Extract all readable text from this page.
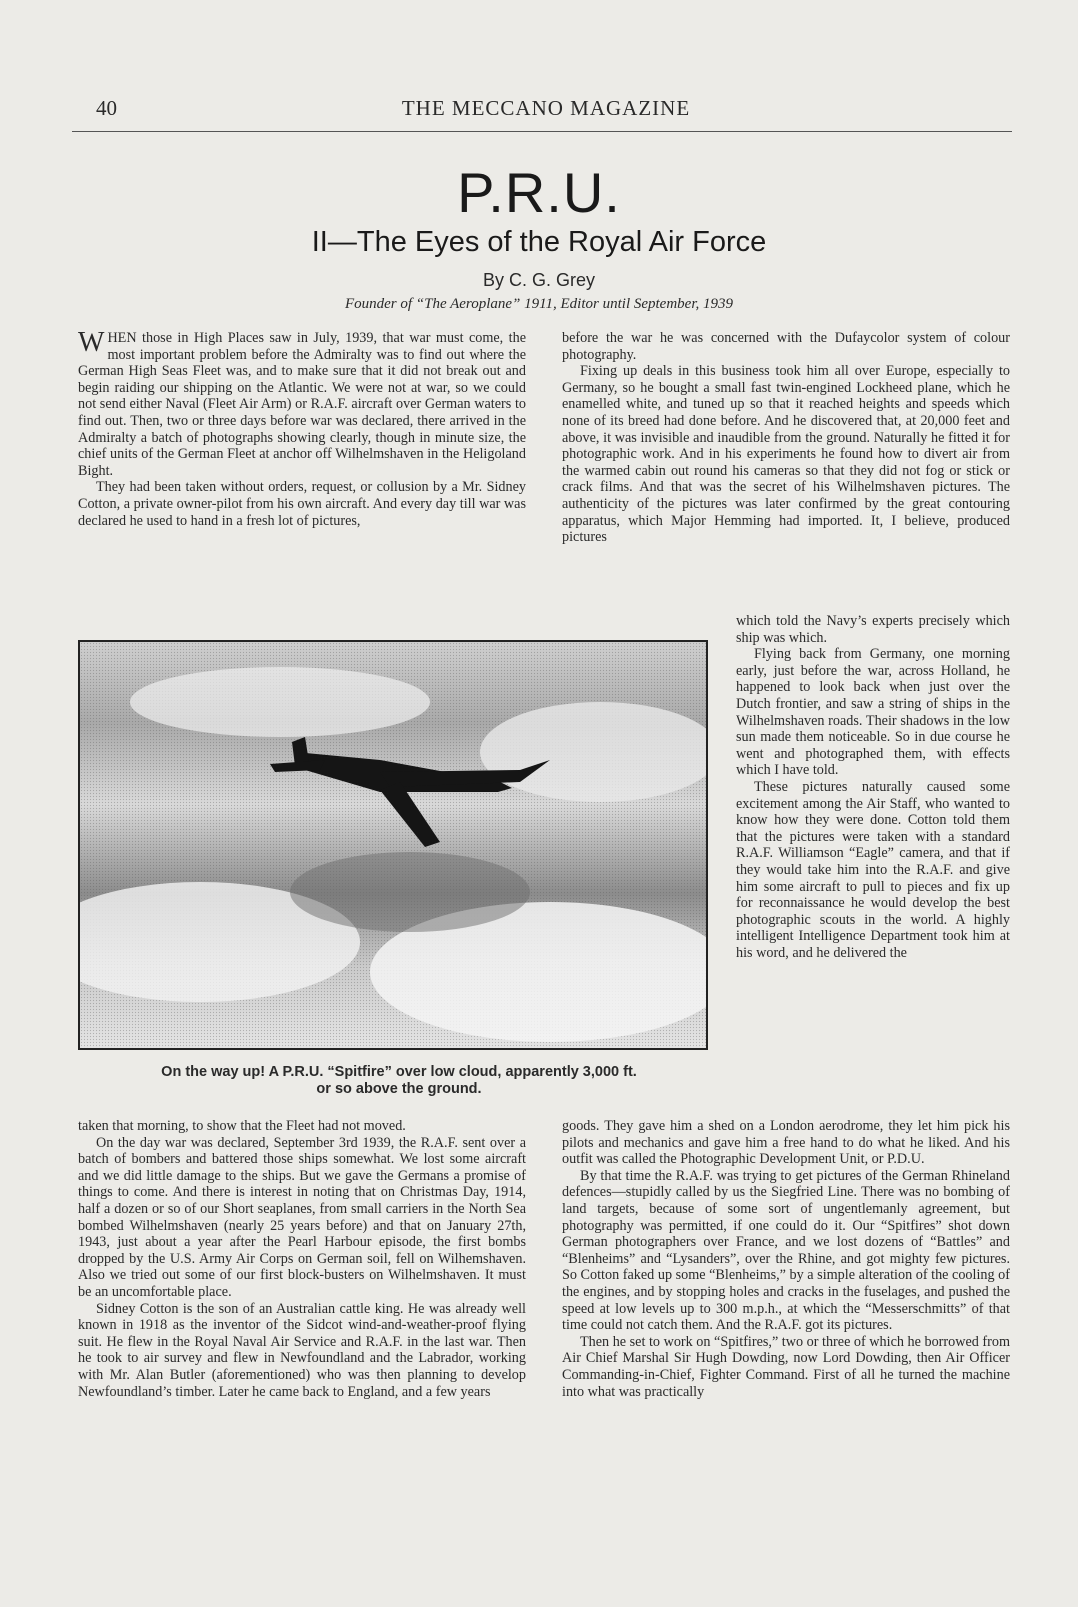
40	THE MECCANO MAGAZINE
P.R.U.
II—The Eyes of the Royal Air Force
By C. G. Grey
Founder of “The Aeroplane” 1911, Editor until September, 1939

WHEN those in High Places saw in July, 1939, that war must come, the most important problem before the Admiralty was to find out where the German High Seas Fleet was, and to make sure that it did not break out and begin raiding our shipping on the Atlantic. We were not at war, so we could not send either Naval (Fleet Air Arm) or R.A.F. aircraft over German waters to find out. Then, two or three days before war was declared, there arrived in the Admiralty a batch of photographs showing clearly, though in minute size, the chief units of the German Fleet at anchor off Wilhelmshaven in the Heligoland Bight.

They had been taken without orders, request, or collusion by a Mr. Sidney Cotton, a private owner-pilot from his own aircraft. And every day till war was declared he used to hand in a fresh lot of pictures,

before the war he was concerned with the Dufaycolor system of colour photography.

Fixing up deals in this business took him all over Europe, especially to Germany, so he bought a small fast twin-engined Lockheed plane, which he enamelled white, and tuned up so that it reached heights and speeds which none of its breed had done before. And he discovered that, at 20,000 feet and above, it was invisible and inaudible from the ground. Naturally he fitted it for photographic work. And in his experiments he found how to divert air from the warmed cabin out round his cameras so that they did not fog or stick or crack films. And that was the secret of his Wilhelmshaven pictures. The authenticity of the pictures was later confirmed by the great contouring apparatus, which Major Hemming had imported. It, I believe, produced pictures

On the way up! A P.R.U. “Spitfire” over low cloud, apparently 3,000 ft.
or so above the ground.

which told the Navy’s experts precisely which ship was which.

Flying back from Germany, one morning early, just before the war, across Holland, he happened to look back when just over the Dutch frontier, and saw a string of ships in the Wilhelmshaven roads. Their shadows in the low sun made them noticeable. So in due course he went and photographed them, with effects which I have told.

These pictures naturally caused some excitement among the Air Staff, who wanted to know how they were done. Cotton told them that the pictures were taken with a standard R.A.F. Williamson “Eagle” camera, and that if they would take him into the R.A.F. and give him some aircraft to pull to pieces and fix up for reconnaissance he would develop the best photographic scouts in the world. A highly intelligent Intelligence Department took him at his word, and he delivered the

taken that morning, to show that the Fleet had not moved.

On the day war was declared, September 3rd 1939, the R.A.F. sent over a batch of bombers and battered those ships somewhat. We lost some aircraft and we did little damage to the ships. But we gave the Germans a promise of things to come. And there is interest in noting that on Christmas Day, 1914, half a dozen or so of our Short seaplanes, from small carriers in the North Sea bombed Wilhelmshaven (nearly 25 years before) and that on January 27th, 1943, just about a year after the Pearl Harbour episode, the first bombs dropped by the U.S. Army Air Corps on German soil, fell on Wilhemshaven. Also we tried out some of our first block-busters on Wilhelmshaven. It must be an uncomfortable place.

Sidney Cotton is the son of an Australian cattle king. He was already well known in 1918 as the inventor of the Sidcot wind-and-weather-proof flying suit. He flew in the Royal Naval Air Service and R.A.F. in the last war. Then he took to air survey and flew in Newfoundland and the Labrador, working with Mr. Alan Butler (aforementioned) who was then planning to develop Newfoundland’s timber. Later he came back to England, and a few years

goods. They gave him a shed on a London aerodrome, they let him pick his pilots and mechanics and gave him a free hand to do what he liked. And his outfit was called the Photographic Development Unit, or P.D.U.

By that time the R.A.F. was trying to get pictures of the German Rhineland defences—stupidly called by us the Siegfried Line. There was no bombing of land targets, because of some sort of ungentlemanly agreement, but photography was permitted, if one could do it. Our “Spitfires” shot down German photographers over France, and we lost dozens of “Battles” and “Blenheims” and “Lysanders”, over the Rhine, and got mighty few pictures. So Cotton faked up some “Blenheims,” by a simple alteration of the cooling of the engines, and by stopping holes and cracks in the fuselages, and pushed the speed at low levels up to 300 m.p.h., at which the “Messerschmitts” of that time could not catch them. And the R.A.F. got its pictures.

Then he set to work on “Spitfires,” two or three of which he borrowed from Air Chief Marshal Sir Hugh Dowding, now Lord Dowding, then Air Officer Commanding-in-Chief, Fighter Command. First of all he turned the machine into what was practically
